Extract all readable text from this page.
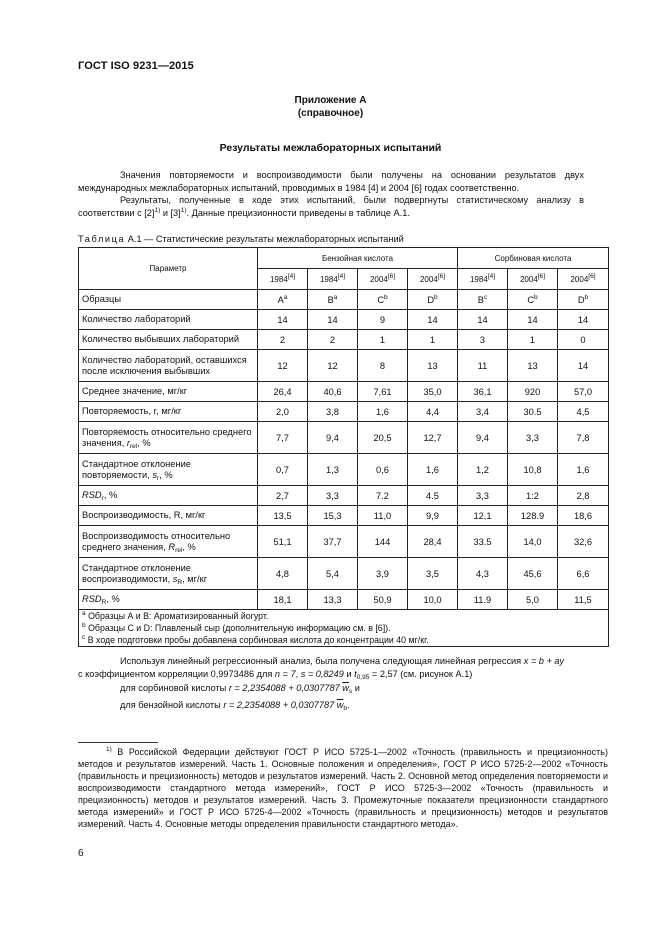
ГОСТ ISO 9231—2015
Приложение А
(справочное)
Результаты межлабораторных испытаний
Значения повторяемости и воспроизводимости были получены на основании результатов двух международных межлабораторных испытаний, проводимых в 1984 [4] и 2004 [6] годах соответственно.
Результаты, полученные в ходе этих испытаний, были подвергнуты статистическому анализу в соответствии с $[2]^{1)}$ и $[3]^{1)}$. Данные прецизионности приведены в таблице А.1.
Таблица А.1 — Статистические результаты межлабораторных испытаний
Параметр	Бензойная кислота				Сорбиновая кислота		
	1984[4]	1984[4]	2004[6]	2004[6]	1984[4]	2004[6]	2004[6]
Образцы	$A^a$	$B^a$	$C^b$	$D^b$	$B^c$	$C^b$	$D^b$
Количество лабораторий	14	14	9	14	14	14	14
Количество выбывших лабораторий	2	2	1	1	3	1	0
Количество лабораторий, оставшихся после исключения выбывших	12	12	8	13	11	13	14
Среднее значение, мг/кг	26,4	40,6	7,61	35,0	36,1	920	57,0
Повторяемость, r, мг/кг	2,0	3,8	1,6	4,4	3,4	30.5	4,5
Повторяемость относительно среднего значения, $r_{rel}$, %	7,7	9,4	20,5	12,7	9,4	3,3	7,8
Стандартное отклонение повторяемости, $s_r$, %	0,7	1,3	0,6	1,6	1,2	10,8	1,6
$RSD_r$, %	2,7	3,3	7.2	4.5	3,3	1:2	2,8
Воспроизводимость, R, мг/кг	13,5	15,3	11,0	9,9	12,1	128.9	18,6
Воспроизводимость относительно среднего значения, $R_{rel}$, %	51,1	37,7	144	28,4	33.5	14,0	32,6
Стандартное отклонение воспроизводимости, $s_R$, мг/кг	4,8	5,4	3,9	3,5	4,3	45,6	6,6
$RSD_R$, %	18,1	13,3	50,9	10,0	11.9	5,0	11,5

$^a$ Образцы А и В: Ароматизированный йогурт.
$^b$ Образцы С и D: Плавленый сыр (дополнительную информацию см. в [6]).
$^c$ В ходе подготовки пробы добавлена сорбиновая кислота до концентрации 40 мг/кг.							
Используя линейный регрессионный анализ, была получена следующая линейная регрессия x = b + ay
с коэффициентом корреляции 0,9973486 для n = 7, s = 0,8249 и $t_{0,95} = 2,57$ (см. рисунок А.1)
для сорбиновой кислоты r = 2,2354088 + 0,0307787 $\overline{w}_s$ и
для бензойной кислоты r = 2,2354088 + 0,0307787 $\overline{w}_b$.
$^{1)}$ В Российской Федерации действуют ГОСТ Р ИСО 5725-1—2002 «Точность (правильность и прецизионность) методов и результатов измерений. Часть 1. Основные положения и определения», ГОСТ Р ИСО 5725-2—2002 «Точность (правильность и прецизионность) методов и результатов измерений. Часть 2. Основной метод определения повторяемости и воспроизводимости стандартного метода измерений», ГОСТ Р ИСО 5725-3—2002 «Точность (правильность и прецизионность) методов и результатов измерений. Часть 3. Промежуточные показатели прецизионности стандартного метода измерений» и ГОСТ Р ИСО 5725-4—2002 «Точность (правильность и прецизионность) методов и результатов измерений. Часть 4. Основные методы определения правильности стандартного метода».
6
